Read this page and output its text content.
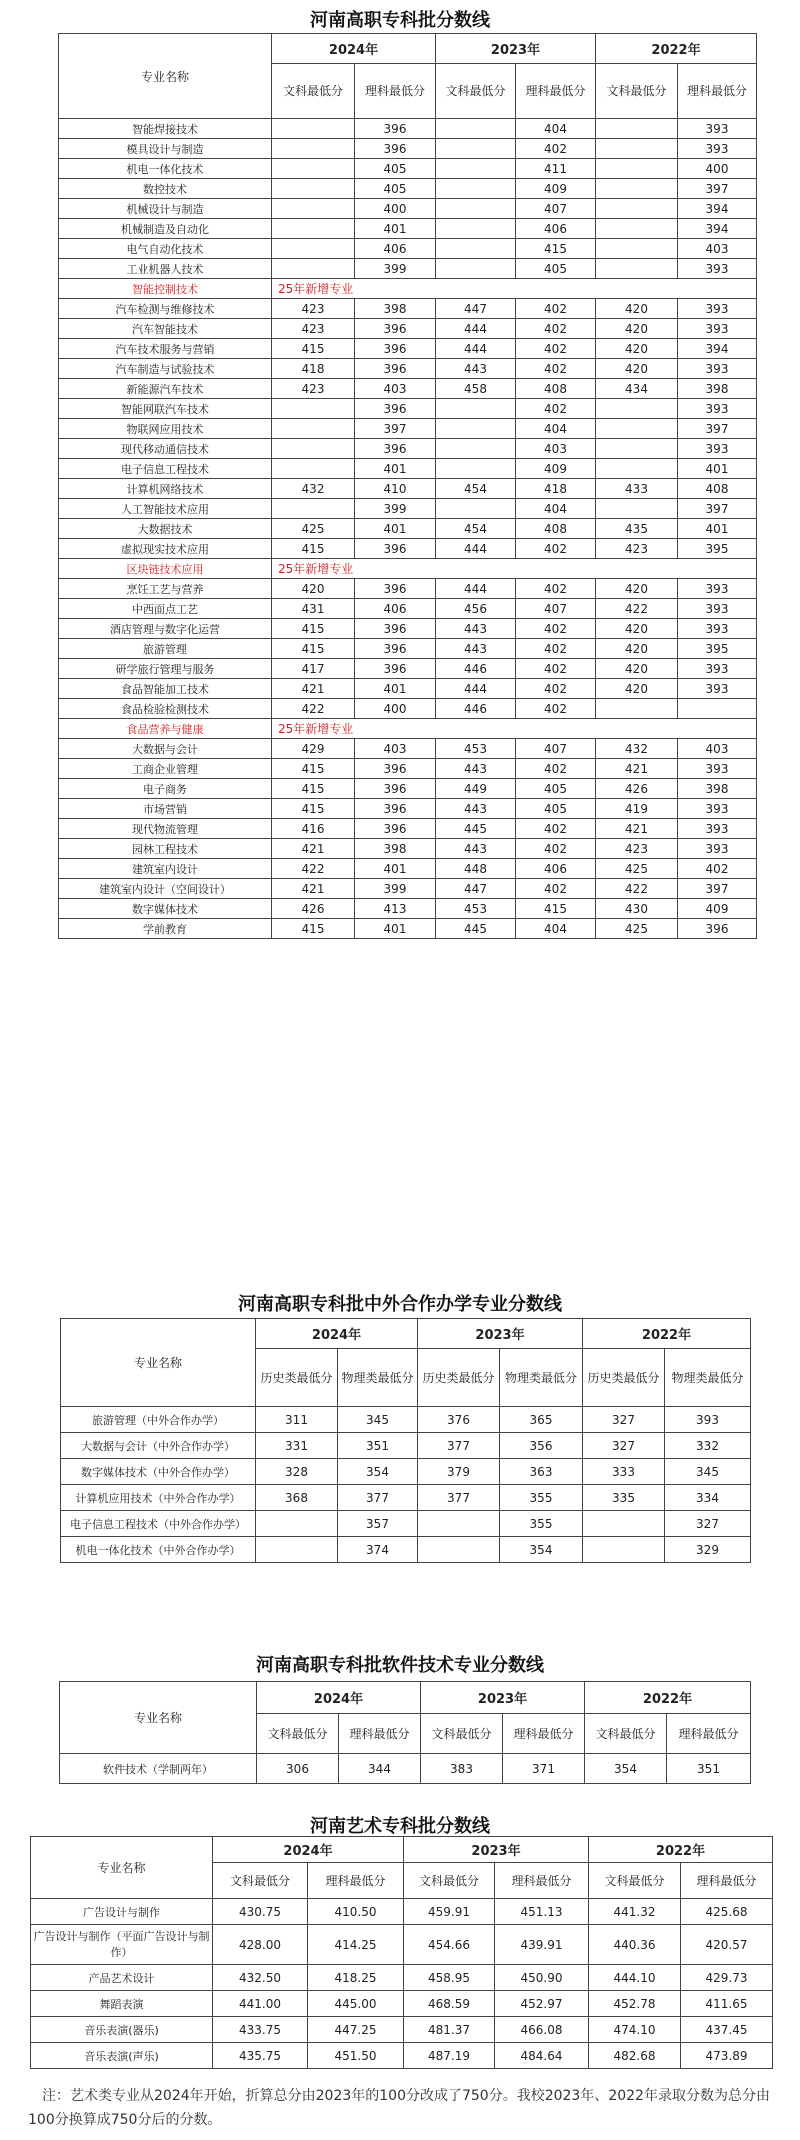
河南高职专科批分数线
专业名称	2024年		2023年		2022年	
	文科最低分	理科最低分	文科最低分	理科最低分	文科最低分	理科最低分
智能焊接技术		396		404		393
模具设计与制造		396		402		393
机电一体化技术		405		411		400
数控技术		405		409		397
机械设计与制造		400		407		394
机械制造及自动化		401		406		394
电气自动化技术		406		415		403
工业机器人技术		399		405		393
智能控制技术	25年新增专业					
汽车检测与维修技术	423	398	447	402	420	393
汽车智能技术	423	396	444	402	420	393
汽车技术服务与营销	415	396	444	402	420	394
汽车制造与试验技术	418	396	443	402	420	393
新能源汽车技术	423	403	458	408	434	398
智能网联汽车技术		396		402		393
物联网应用技术		397		404		397
现代移动通信技术		396		403		393
电子信息工程技术		401		409		401
计算机网络技术	432	410	454	418	433	408
人工智能技术应用		399		404		397
大数据技术	425	401	454	408	435	401
虚拟现实技术应用	415	396	444	402	423	395
区块链技术应用	25年新增专业					
烹饪工艺与营养	420	396	444	402	420	393
中西面点工艺	431	406	456	407	422	393
酒店管理与数字化运营	415	396	443	402	420	393
旅游管理	415	396	443	402	420	395
研学旅行管理与服务	417	396	446	402	420	393
食品智能加工技术	421	401	444	402	420	393
食品检验检测技术	422	400	446	402		
食品营养与健康	25年新增专业					
大数据与会计	429	403	453	407	432	403
工商企业管理	415	396	443	402	421	393
电子商务	415	396	449	405	426	398
市场营销	415	396	443	405	419	393
现代物流管理	416	396	445	402	421	393
园林工程技术	421	398	443	402	423	393
建筑室内设计	422	401	448	406	425	402
建筑室内设计（空间设计）	421	399	447	402	422	397
数字媒体技术	426	413	453	415	430	409
学前教育	415	401	445	404	425	396
河南高职专科批中外合作办学专业分数线
专业名称	2024年		2023年		2022年	
	历史类最低分	物理类最低分	历史类最低分	物理类最低分	历史类最低分	物理类最低分
旅游管理（中外合作办学）	311	345	376	365	327	393
大数据与会计（中外合作办学）	331	351	377	356	327	332
数字媒体技术（中外合作办学）	328	354	379	363	333	345
计算机应用技术（中外合作办学）	368	377	377	355	335	334
电子信息工程技术（中外合作办学）		357		355		327
机电一体化技术（中外合作办学）		374		354		329
河南高职专科批软件技术专业分数线
专业名称	2024年		2023年		2022年	
	文科最低分	理科最低分	文科最低分	理科最低分	文科最低分	理科最低分
软件技术（学制两年）	306	344	383	371	354	351
河南艺术专科批分数线
专业名称	2024年		2023年		2022年	
	文科最低分	理科最低分	文科最低分	理科最低分	文科最低分	理科最低分
广告设计与制作	430.75	410.50	459.91	451.13	441.32	425.68
广告设计与制作（平面广告设计与制作）	428.00	414.25	454.66	439.91	440.36	420.57
产品艺术设计	432.50	418.25	458.95	450.90	444.10	429.73
舞蹈表演	441.00	445.00	468.59	452.97	452.78	411.65
音乐表演(器乐)	433.75	447.25	481.37	466.08	474.10	437.45
音乐表演(声乐)	435.75	451.50	487.19	484.64	482.68	473.89

注：艺术类专业从2024年开始，折算总分由2023年的100分改成了750分。我校2023年、2022年录取分数为总分由100分换算成750分后的分数。
